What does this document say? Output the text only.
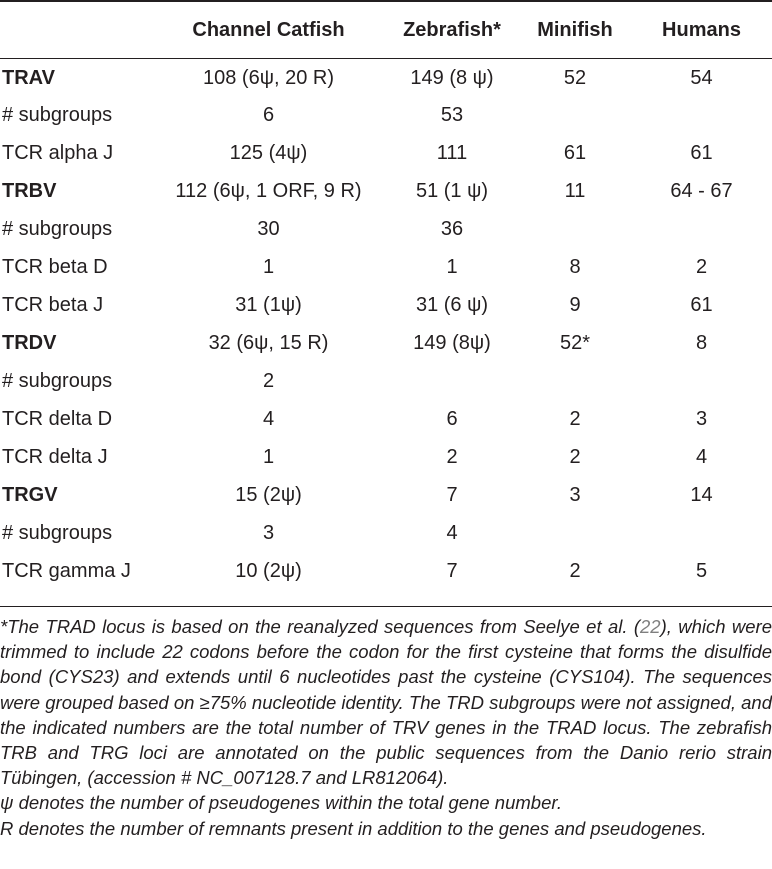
	Channel Catfish	Zebrafish*	Minifish	Humans
TRAV	108 (6ψ, 20 R)	149 (8 ψ)	52	54
# subgroups	6	53		
TCR alpha J	125 (4ψ)	111	61	61
TRBV	112 (6ψ, 1 ORF, 9 R)	51 (1 ψ)	11	64 - 67
# subgroups	30	36		
TCR beta D	1	1	8	2
TCR beta J	31 (1ψ)	31 (6 ψ)	9	61
TRDV	32 (6ψ, 15 R)	149 (8ψ)	52*	8
# subgroups	2			
TCR delta D	4	6	2	3
TCR delta J	1	2	2	4
TRGV	15 (2ψ)	7	3	14
# subgroups	3	4		
TCR gamma J	10 (2ψ)	7	2	5

*The TRAD locus is based on the reanalyzed sequences from Seelye et al. (22), which were trimmed to include 22 codons before the codon for the first cysteine that forms the disulfide bond (CYS23) and extends until 6 nucleotides past the cysteine (CYS104). The sequences were grouped based on ≥75% nucleotide identity. The TRD subgroups were not assigned, and the indicated numbers are the total number of TRV genes in the TRAD locus. The zebrafish TRB and TRG loci are annotated on the public sequences from the Danio rerio strain Tübingen, (accession # NC_007128.7 and LR812064).

ψ denotes the number of pseudogenes within the total gene number.

R denotes the number of remnants present in addition to the genes and pseudogenes.
